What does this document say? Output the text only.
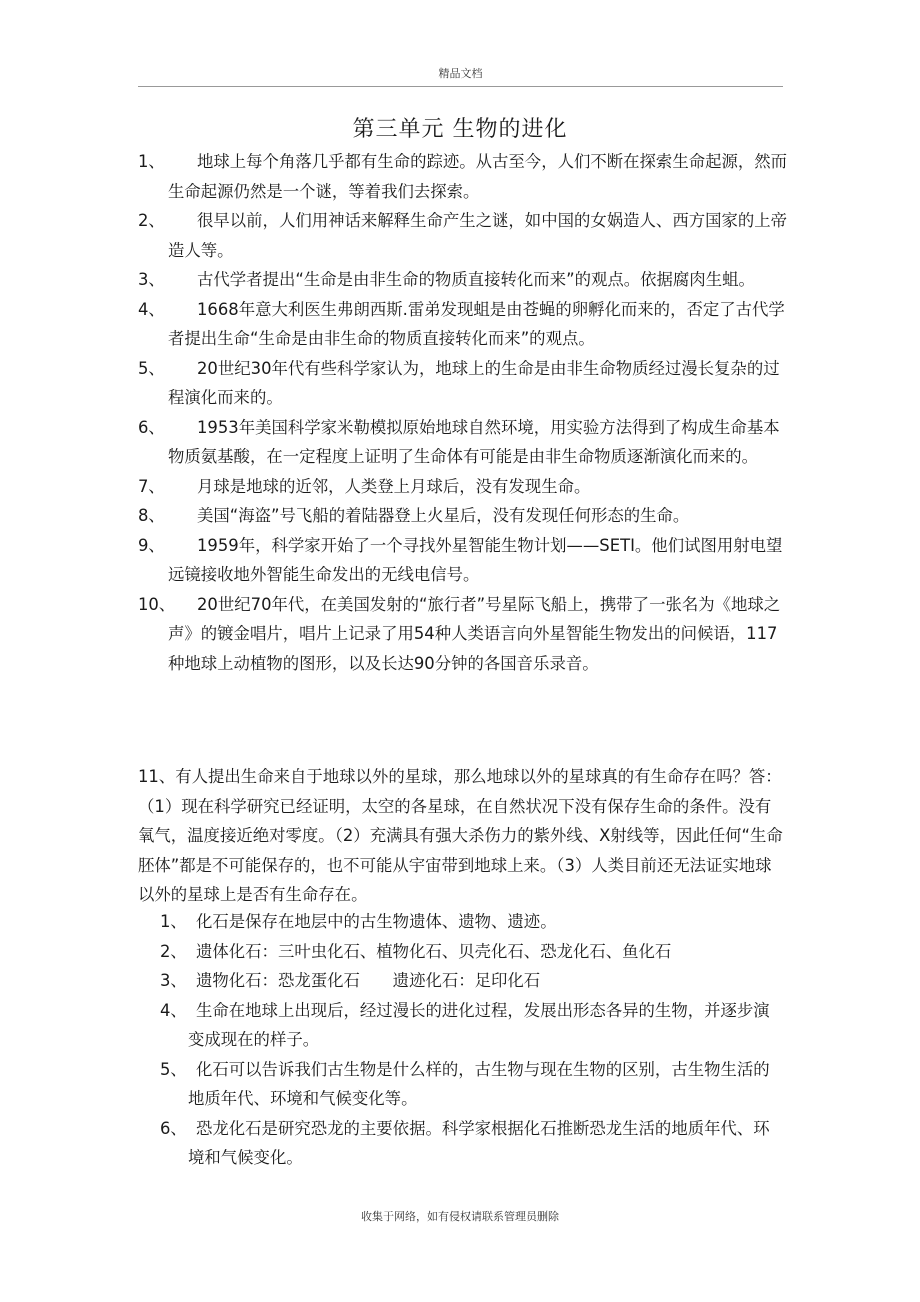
精品文档
第三单元 生物的进化
1、	地球上每个角落几乎都有生命的踪迹。从古至今，人们不断在探索生命起源，然而生命起源仍然是一个谜，等着我们去探索。
2、	很早以前，人们用神话来解释生命产生之谜，如中国的女娲造人、西方国家的上帝造人等。
3、	古代学者提出“生命是由非生命的物质直接转化而来”的观点。依据腐肉生蛆。
4、	1668年意大利医生弗朗西斯.雷弟发现蛆是由苍蝇的卵孵化而来的，否定了古代学者提出生命“生命是由非生命的物质直接转化而来”的观点。
5、	20世纪30年代有些科学家认为，地球上的生命是由非生命物质经过漫长复杂的过程演化而来的。
6、	1953年美国科学家米勒模拟原始地球自然环境，用实验方法得到了构成生命基本物质氨基酸，在一定程度上证明了生命体有可能是由非生命物质逐渐演化而来的。
7、	月球是地球的近邻，人类登上月球后，没有发现生命。
8、	美国“海盗”号飞船的着陆器登上火星后，没有发现任何形态的生命。
9、	1959年，科学家开始了一个寻找外星智能生物计划——SETI。他们试图用射电望远镜接收地外智能生命发出的无线电信号。
10、	20世纪70年代，在美国发射的“旅行者”号星际飞船上，携带了一张名为《地球之声》的镀金唱片，唱片上记录了用54种人类语言向外星智能生物发出的问候语，117种地球上动植物的图形，以及长达90分钟的各国音乐录音。
11、有人提出生命来自于地球以外的星球，那么地球以外的星球真的有生命存在吗？答：（1）现在科学研究已经证明，太空的各星球，在自然状况下没有保存生命的条件。没有氧气，温度接近绝对零度。（2）充满具有强大杀伤力的紫外线、X射线等，因此任何“生命胚体”都是不可能保存的，也不可能从宇宙带到地球上来。（3）人类目前还无法证实地球以外的星球上是否有生命存在。
1、 化石是保存在地层中的古生物遗体、遗物、遗迹。
2、 遗体化石：三叶虫化石、植物化石、贝壳化石、恐龙化石、鱼化石
3、 遗物化石：恐龙蛋化石　　遗迹化石：足印化石
4、 生命在地球上出现后，经过漫长的进化过程，发展出形态各异的生物，并逐步演变成现在的样子。
5、 化石可以告诉我们古生物是什么样的，古生物与现在生物的区别，古生物生活的地质年代、环境和气候变化等。
6、 恐龙化石是研究恐龙的主要依据。科学家根据化石推断恐龙生活的地质年代、环境和气候变化。
收集于网络，如有侵权请联系管理员删除
